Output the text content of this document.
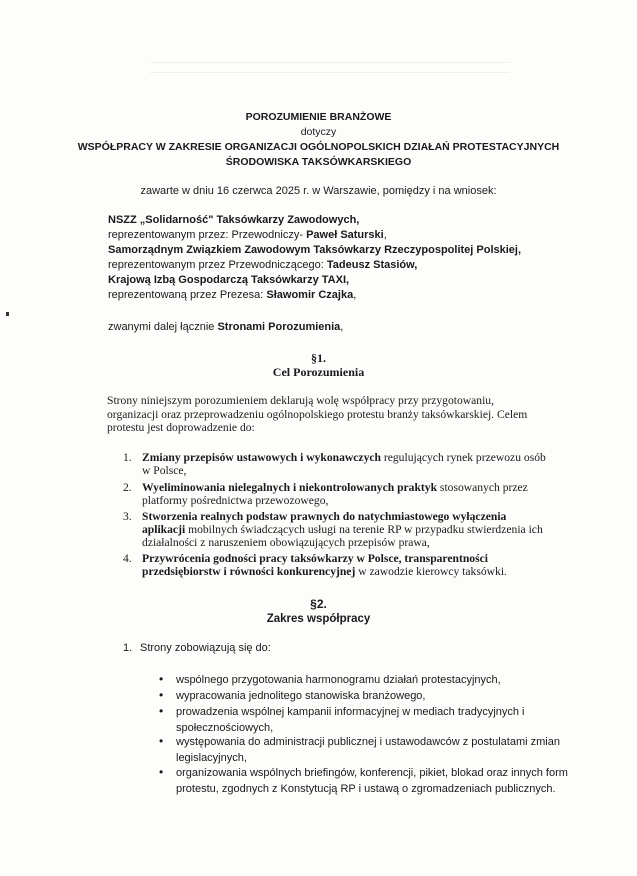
POROZUMIENIE BRANŻOWE
dotyczy
WSPÓŁPRACY W ZAKRESIE ORGANIZACJI OGÓLNOPOLSKICH DZIAŁAŃ PROTESTACYJNYCH
ŚRODOWISKA TAKSÓWKARSKIEGO
zawarte w dniu 16 czerwca 2025 r. w Warszawie, pomiędzy i na wniosek:
NSZZ „Solidarność" Taksówkarzy Zawodowych,
reprezentowanym przez: Przewodniczy- Paweł Saturski,
Samorządnym Związkiem Zawodowym Taksówkarzy Rzeczypospolitej Polskiej,
reprezentowanym przez Przewodniczącego: Tadeusz Stasiów,
Krajową Izbą Gospodarczą Taksówkarzy TAXI,
reprezentowaną przez Prezesa: Sławomir Czajka,
zwanymi dalej łącznie Stronami Porozumienia,
§1.
Cel Porozumienia
Strony niniejszym porozumieniem deklarują wolę współpracy przy przygotowaniu, organizacji oraz przeprowadzeniu ogólnopolskiego protestu branży taksówkarskiej. Celem protestu jest doprowadzenie do:
1. Zmiany przepisów ustawowych i wykonawczych regulujących rynek przewozu osób w Polsce,
2. Wyeliminowania nielegalnych i niekontrolowanych praktyk stosowanych przez platformy pośrednictwa przewozowego,
3. Stworzenia realnych podstaw prawnych do natychmiastowego wyłączenia aplikacji mobilnych świadczących usługi na terenie RP w przypadku stwierdzenia ich działalności z naruszeniem obowiązujących przepisów prawa,
4. Przywrócenia godności pracy taksówkarzy w Polsce, transparentności przedsiębiorstw i równości konkurencyjnej w zawodzie kierowcy taksówki.
§2.
Zakres współpracy
1. Strony zobowiązują się do:
• wspólnego przygotowania harmonogramu działań protestacyjnych,
• wypracowania jednolitego stanowiska branżowego,
• prowadzenia wspólnej kampanii informacyjnej w mediach tradycyjnych i społecznościowych,
• występowania do administracji publicznej i ustawodawców z postulatami zmian legislacyjnych,
• organizowania wspólnych briefingów, konferencji, pikiet, blokad oraz innych form protestu, zgodnych z Konstytucją RP i ustawą o zgromadzeniach publicznych.
